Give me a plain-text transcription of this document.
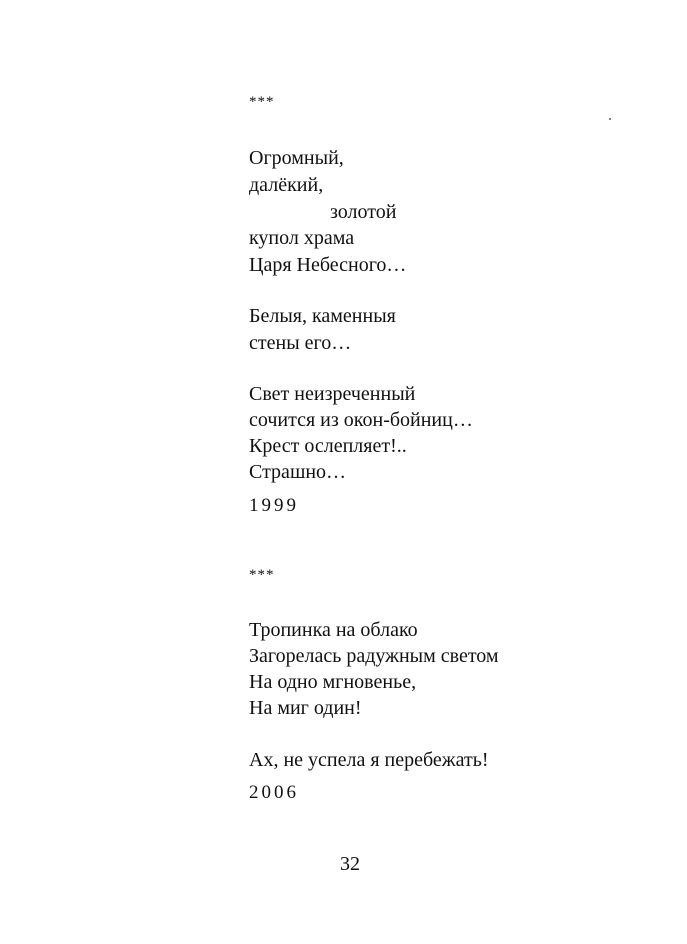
***
Огромный,
далёкий,
золотой
купол храма
Царя Небесного…
Белыя, каменныя
стены его…
Свет неизреченный
сочится из окон-бойниц…
Крест ослепляет!..
Страшно…
1999
***
Тропинка на облако
Загорелась радужным светом
На одно мгновенье,
На миг один!
Ах, не успела я перебежать!
2006
32
